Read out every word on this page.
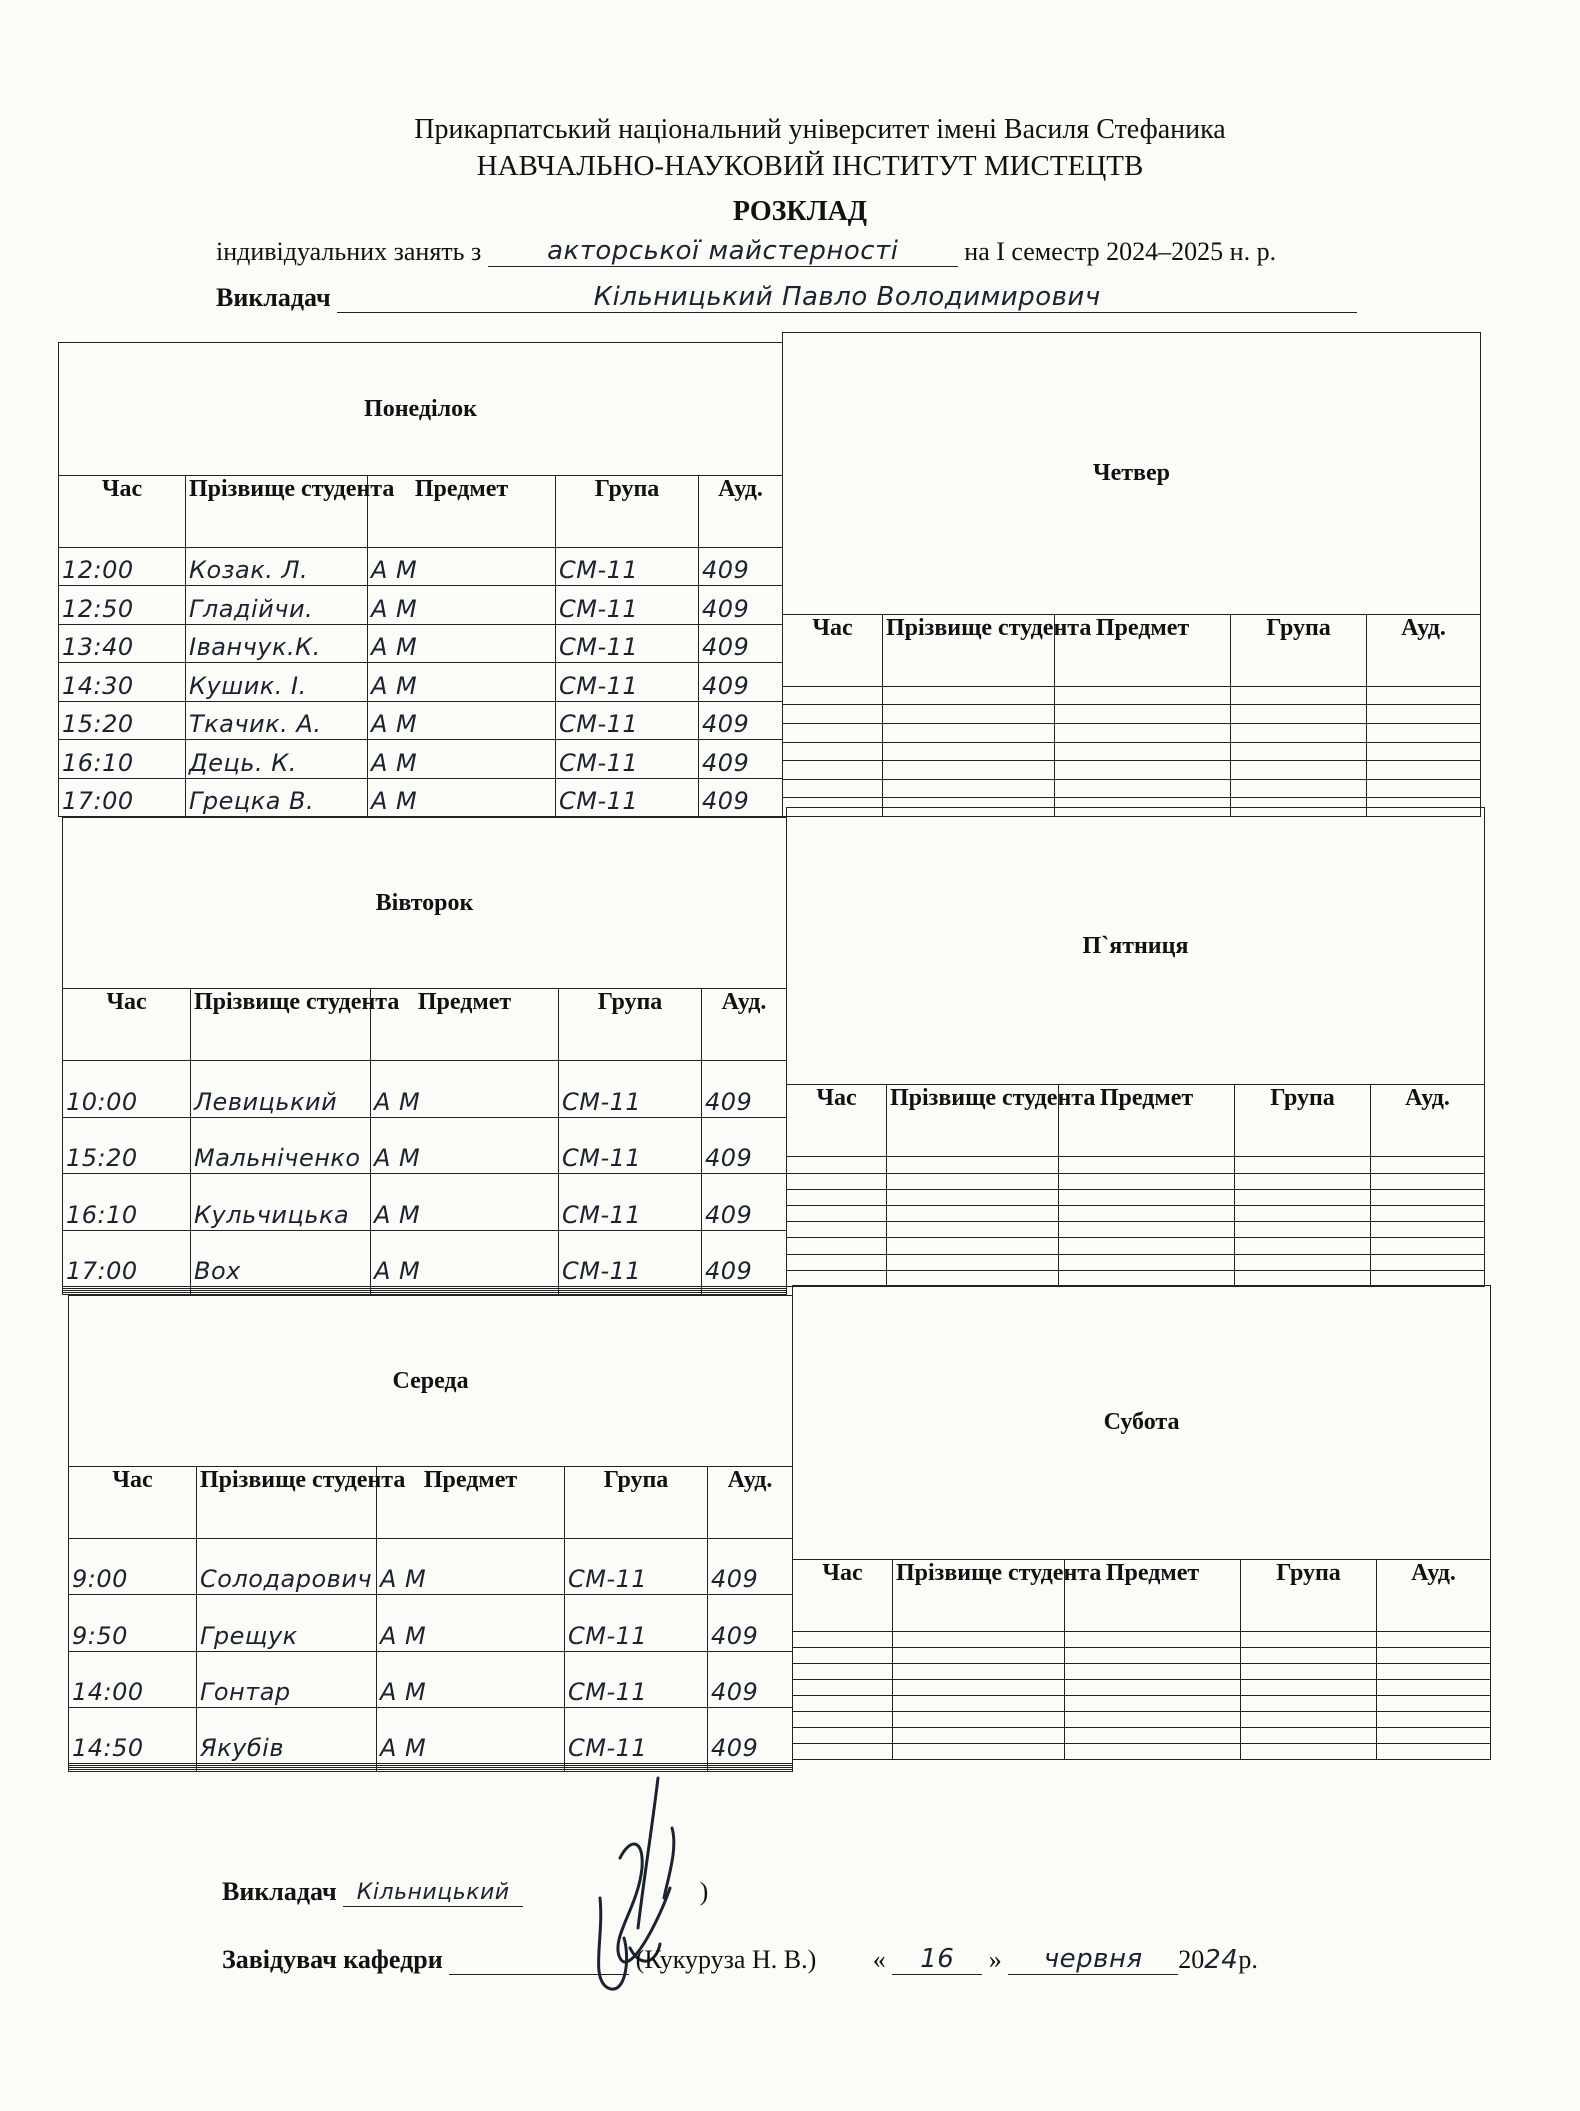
Прикарпатський національний університет імені Василя Стефаника
НАВЧАЛЬНО-НАУКОВИЙ ІНСТИТУТ МИСТЕЦТВ
РОЗКЛАД
індивідуальних занять з	акторської майстерності	на І семестр 2024–2025 н. р.
Викладач	Кільницький Павло Володимирович
Понеділок				
Час	Прізвище студента	Предмет	Група	Ауд.
12:00	Козак. Л.	А М	СМ-11	409
12:50	Гладійчи.	А М	СМ-11	409
13:40	Іванчук.К.	А М	СМ-11	409
14:30	Кушик. І.	А М	СМ-11	409
15:20	Ткачик. А.	А М	СМ-11	409
16:10	Дець. К.	А М	СМ-11	409
17:00	Грецка В.	А М	СМ-11	409
Четвер				
Час	Прізвище студента	Предмет	Група	Ауд.

Вівторок				
Час	Прізвище студента	Предмет	Група	Ауд.
10:00	Левицький	А М	СМ-11	409
15:20	Мальніченко	А М	СМ-11	409
16:10	Кульчицька	А М	СМ-11	409
17:00	Вох	А М	СМ-11	409

П`ятниця				
Час	Прізвище студента	Предмет	Група	Ауд.

Середа				
Час	Прізвище студента	Предмет	Група	Ауд.
9:00	Солодарович	А М	СМ-11	409
9:50	Грещук	А М	СМ-11	409
14:00	Гонтар	А М	СМ-11	409
14:50	Якубів	А М	СМ-11	409

Субота				
Час	Прізвище студента	Предмет	Група	Ауд.

Викладач Кільницький	)
Завідувач кафедри	(Кукуруза Н. В.) « 16 » червня 2024р.
